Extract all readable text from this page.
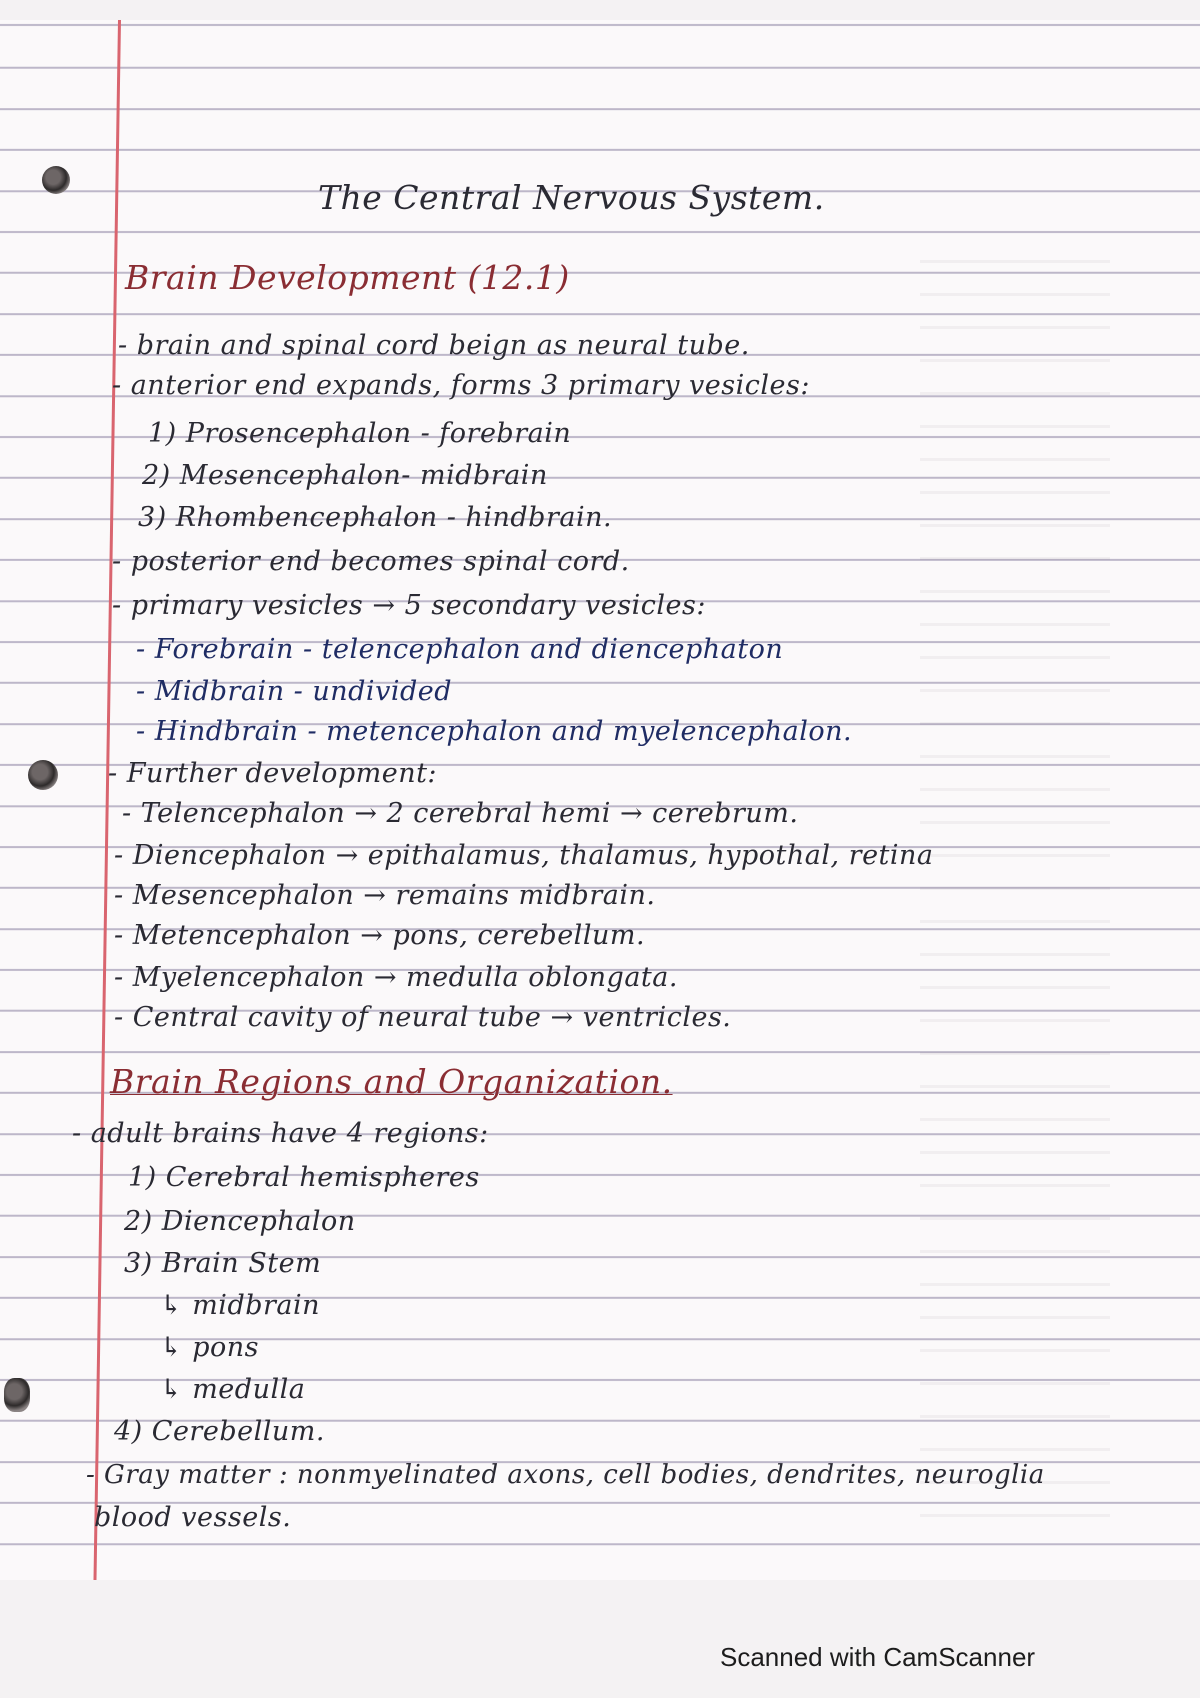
The Central Nervous System.
Brain Development (12.1)
- brain and spinal cord beign as neural tube.
- anterior end expands, forms 3 primary vesicles:
1) Prosencephalon - forebrain
2) Mesencephalon- midbrain
3) Rhombencephalon - hindbrain.
- posterior end becomes spinal cord.
- primary vesicles → 5 secondary vesicles:
- Forebrain - telencephalon and diencephaton
- Midbrain - undivided
- Hindbrain - metencephalon and myelencephalon.
- Further development:
- Telencephalon → 2 cerebral hemi → cerebrum.
- Diencephalon → epithalamus, thalamus, hypothal, retina
- Mesencephalon → remains midbrain.
- Metencephalon → pons, cerebellum.
- Myelencephalon → medulla oblongata.
- Central cavity of neural tube → ventricles.
Brain Regions and Organization.
- adult brains have 4 regions:
1) Cerebral hemispheres
2) Diencephalon
3) Brain Stem
↳ midbrain
↳ pons
↳ medulla
4) Cerebellum.
- Gray matter : nonmyelinated axons, cell bodies, dendrites, neuroglia
blood vessels.
Scanned with CamScanner
